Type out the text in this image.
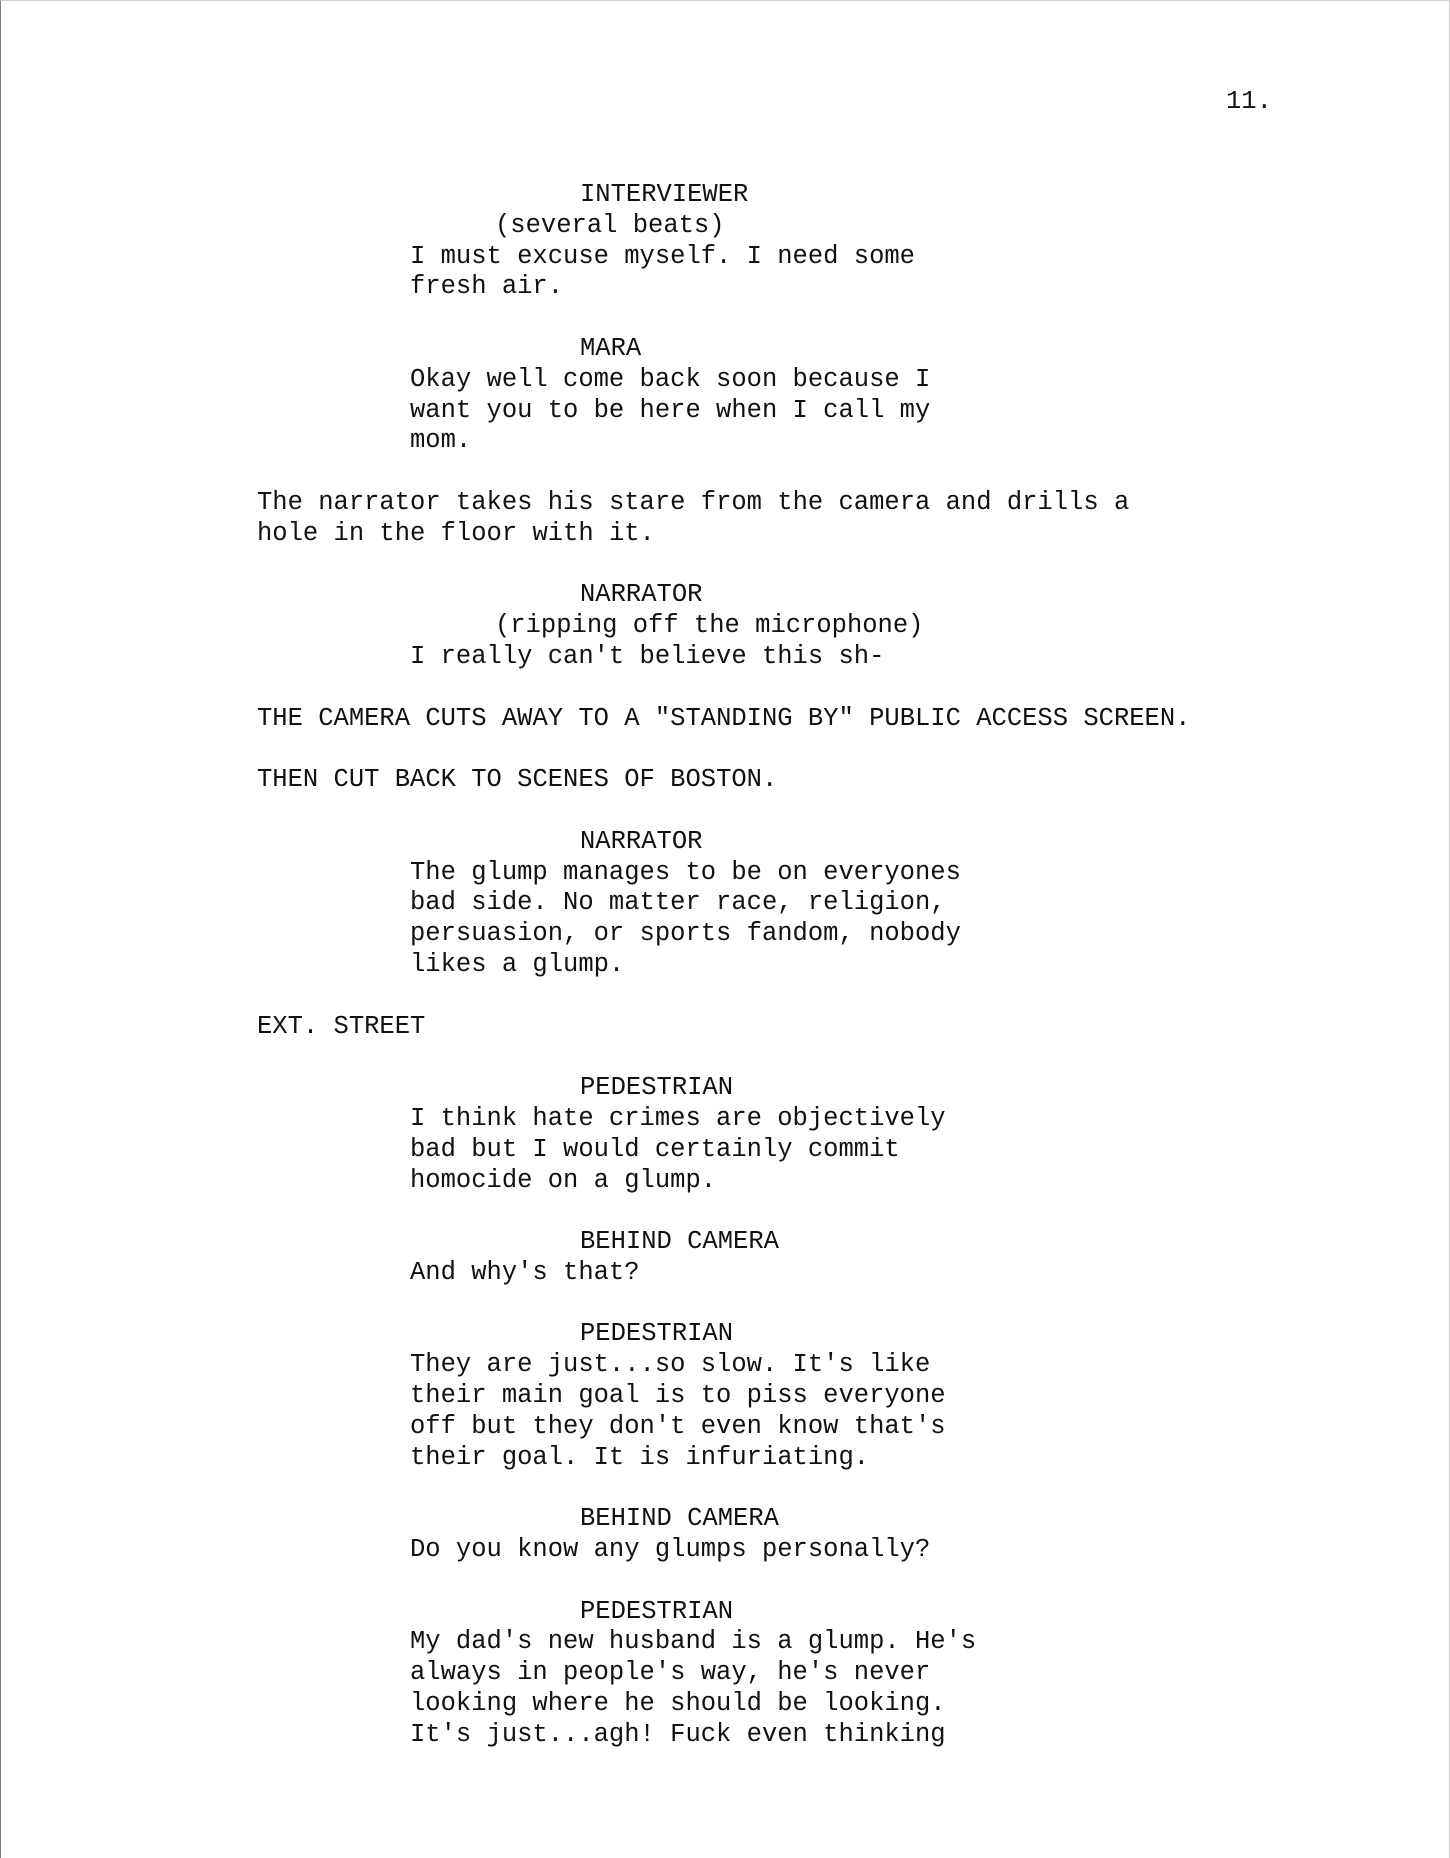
11.
INTERVIEWER
(several beats)
I must excuse myself. I need some
fresh air.
MARA
Okay well come back soon because I
want you to be here when I call my
mom.
The narrator takes his stare from the camera and drills a
hole in the floor with it.
NARRATOR
(ripping off the microphone)
I really can't believe this sh-
THE CAMERA CUTS AWAY TO A "STANDING BY" PUBLIC ACCESS SCREEN.
THEN CUT BACK TO SCENES OF BOSTON.
NARRATOR
The glump manages to be on everyones
bad side. No matter race, religion,
persuasion, or sports fandom, nobody
likes a glump.
EXT. STREET
PEDESTRIAN
I think hate crimes are objectively
bad but I would certainly commit
homocide on a glump.
BEHIND CAMERA
And why's that?
PEDESTRIAN
They are just...so slow. It's like
their main goal is to piss everyone
off but they don't even know that's
their goal. It is infuriating.
BEHIND CAMERA
Do you know any glumps personally?
PEDESTRIAN
My dad's new husband is a glump. He's
always in people's way, he's never
looking where he should be looking.
It's just...agh! Fuck even thinking
